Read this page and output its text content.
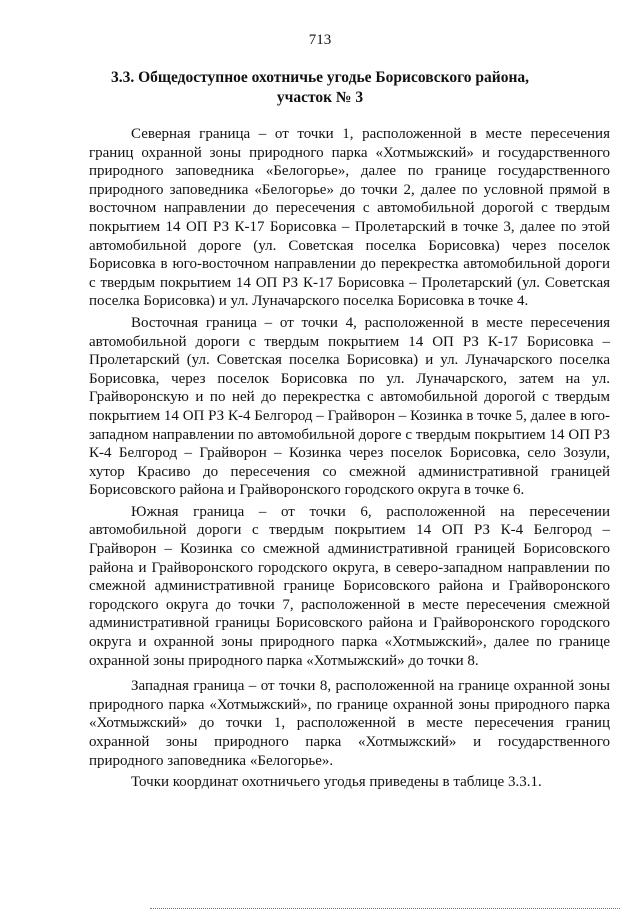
713
3.3. Общедоступное охотничье угодье Борисовского района,
участок № 3

Северная граница – от точки 1, расположенной в месте пересечения границ охранной зоны природного парка «Хотмыжский» и государственного природного заповедника «Белогорье», далее по границе государственного природного заповедника «Белогорье» до точки 2, далее по условной прямой в восточном направлении до пересечения с автомобильной дорогой с твердым покрытием 14 ОП РЗ К-17 Борисовка – Пролетарский в точке 3, далее по этой автомобильной дороге (ул. Советская поселка Борисовка) через поселок Борисовка в юго-восточном направлении до перекрестка автомобильной дороги с твердым покрытием 14 ОП РЗ К-17 Борисовка – Пролетарский (ул. Советская поселка Борисовка) и ул. Луначарского поселка Борисовка в точке 4.

Восточная граница – от точки 4, расположенной в месте пересечения автомобильной дороги с твердым покрытием 14 ОП РЗ К-17 Борисовка – Пролетарский (ул. Советская поселка Борисовка) и ул. Луначарского поселка Борисовка, через поселок Борисовка по ул. Луначарского, затем на ул. Грайворонскую и по ней до перекрестка с автомобильной дорогой с твердым покрытием 14 ОП РЗ К-4 Белгород – Грайворон – Козинка в точке 5, далее в юго-западном направлении по автомобильной дороге с твердым покрытием 14 ОП РЗ К-4 Белгород – Грайворон – Козинка через поселок Борисовка, село Зозули, хутор Красиво до пересечения со смежной административной границей Борисовского района и Грайворонского городского округа в точке 6.

Южная граница – от точки 6, расположенной на пересечении автомобильной дороги с твердым покрытием 14 ОП РЗ К-4 Белгород – Грайворон – Козинка со смежной административной границей Борисовского района и Грайворонского городского округа, в северо-западном направлении по смежной административной границе Борисовского района и Грайворонского городского округа до точки 7, расположенной в месте пересечения смежной административной границы Борисовского района и Грайворонского городского округа и охранной зоны природного парка «Хотмыжский», далее по границе охранной зоны природного парка «Хотмыжский» до точки 8.

Западная граница – от точки 8, расположенной на границе охранной зоны природного парка «Хотмыжский», по границе охранной зоны природного парка «Хотмыжский» до точки 1, расположенной в месте пересечения границ охранной зоны природного парка «Хотмыжский» и государственного природного заповедника «Белогорье».

Точки координат охотничьего угодья приведены в таблице 3.3.1.
